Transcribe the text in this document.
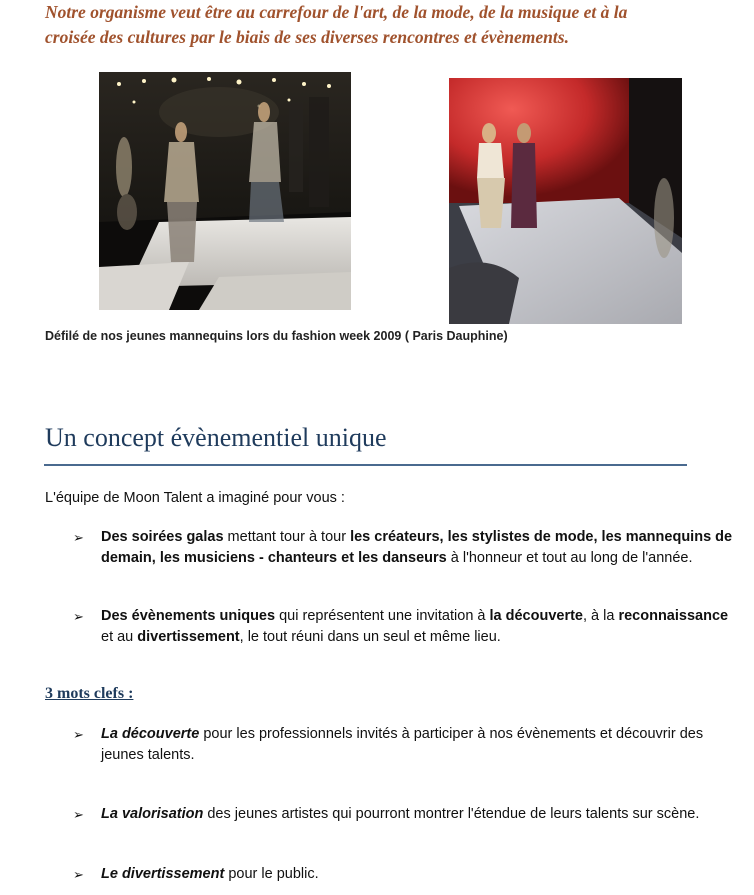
Notre organisme veut être au carrefour de l'art, de la mode, de la musique et à la
croisée des cultures par le biais de ses diverses rencontres et évènements.
Défilé de nos jeunes mannequins lors du fashion week 2009 ( Paris Dauphine)
Un concept évènementiel unique
L'équipe de Moon Talent a imaginé pour vous :
➢ Des soirées galas mettant tour à tour les créateurs, les stylistes de mode, les mannequins de
demain, les musiciens - chanteurs et les danseurs à l'honneur et tout au long de l'année.
➢ Des évènements uniques qui représentent une invitation à la découverte, à la reconnaissance
et au divertissement, le tout réuni dans un seul et même lieu.
3 mots clefs :
➢ La découverte pour les professionnels invités à participer à nos évènements et découvrir des
jeunes talents.
➢ La valorisation des jeunes artistes qui pourront montrer l'étendue de leurs talents sur scène.
➢ Le divertissement pour le public.
